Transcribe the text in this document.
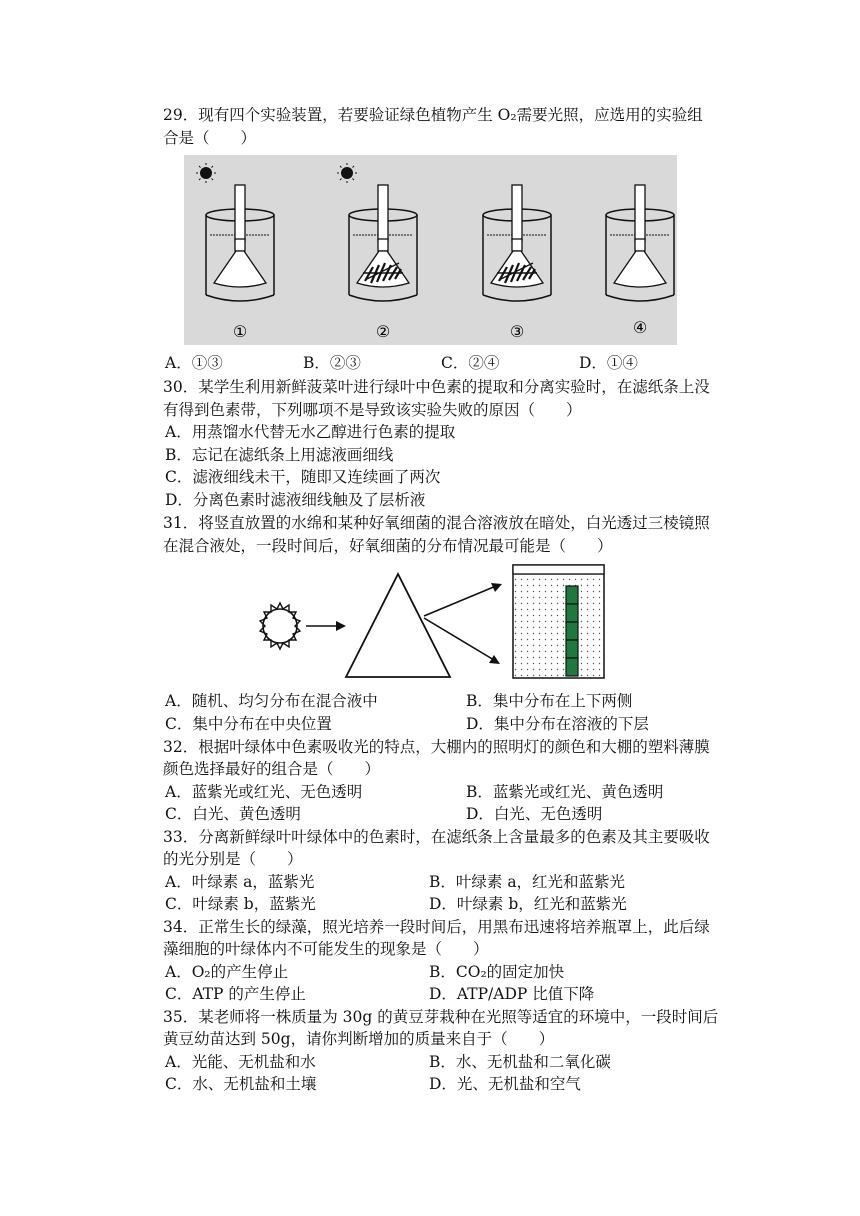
29．现有四个实验装置，若要验证绿色植物产生 O₂需要光照，应选用的实验组
合是（　　）
①	②	③	④
A．①③	B．②③	C．②④	D．①④
30．某学生利用新鲜菠菜叶进行绿叶中色素的提取和分离实验时，在滤纸条上没
有得到色素带，下列哪项不是导致该实验失败的原因（　　）
A．用蒸馏水代替无水乙醇进行色素的提取
B．忘记在滤纸条上用滤液画细线
C．滤液细线未干，随即又连续画了两次
D．分离色素时滤液细线触及了层析液
31．将竖直放置的水绵和某种好氧细菌的混合溶液放在暗处，白光透过三棱镜照
在混合液处，一段时间后，好氧细菌的分布情况最可能是（　　）
A．随机、均匀分布在混合液中	B．集中分布在上下两侧
C．集中分布在中央位置	D．集中分布在溶液的下层
32．根据叶绿体中色素吸收光的特点，大棚内的照明灯的颜色和大棚的塑料薄膜
颜色选择最好的组合是（　　）
A．蓝紫光或红光、无色透明	B．蓝紫光或红光、黄色透明
C．白光、黄色透明	D．白光、无色透明
33．分离新鲜绿叶叶绿体中的色素时，在滤纸条上含量最多的色素及其主要吸收
的光分别是（　　）
A．叶绿素 a，蓝紫光	B．叶绿素 a，红光和蓝紫光
C．叶绿素 b，蓝紫光	D．叶绿素 b，红光和蓝紫光
34．正常生长的绿藻，照光培养一段时间后，用黑布迅速将培养瓶罩上，此后绿
藻细胞的叶绿体内不可能发生的现象是（　　）
A．O₂的产生停止	B．CO₂的固定加快
C．ATP 的产生停止	D．ATP/ADP 比值下降
35．某老师将一株质量为 30g 的黄豆芽栽种在光照等适宜的环境中，一段时间后
黄豆幼苗达到 50g，请你判断增加的质量来自于（　　）
A．光能、无机盐和水	B．水、无机盐和二氧化碳
C．水、无机盐和土壤	D．光、无机盐和空气
